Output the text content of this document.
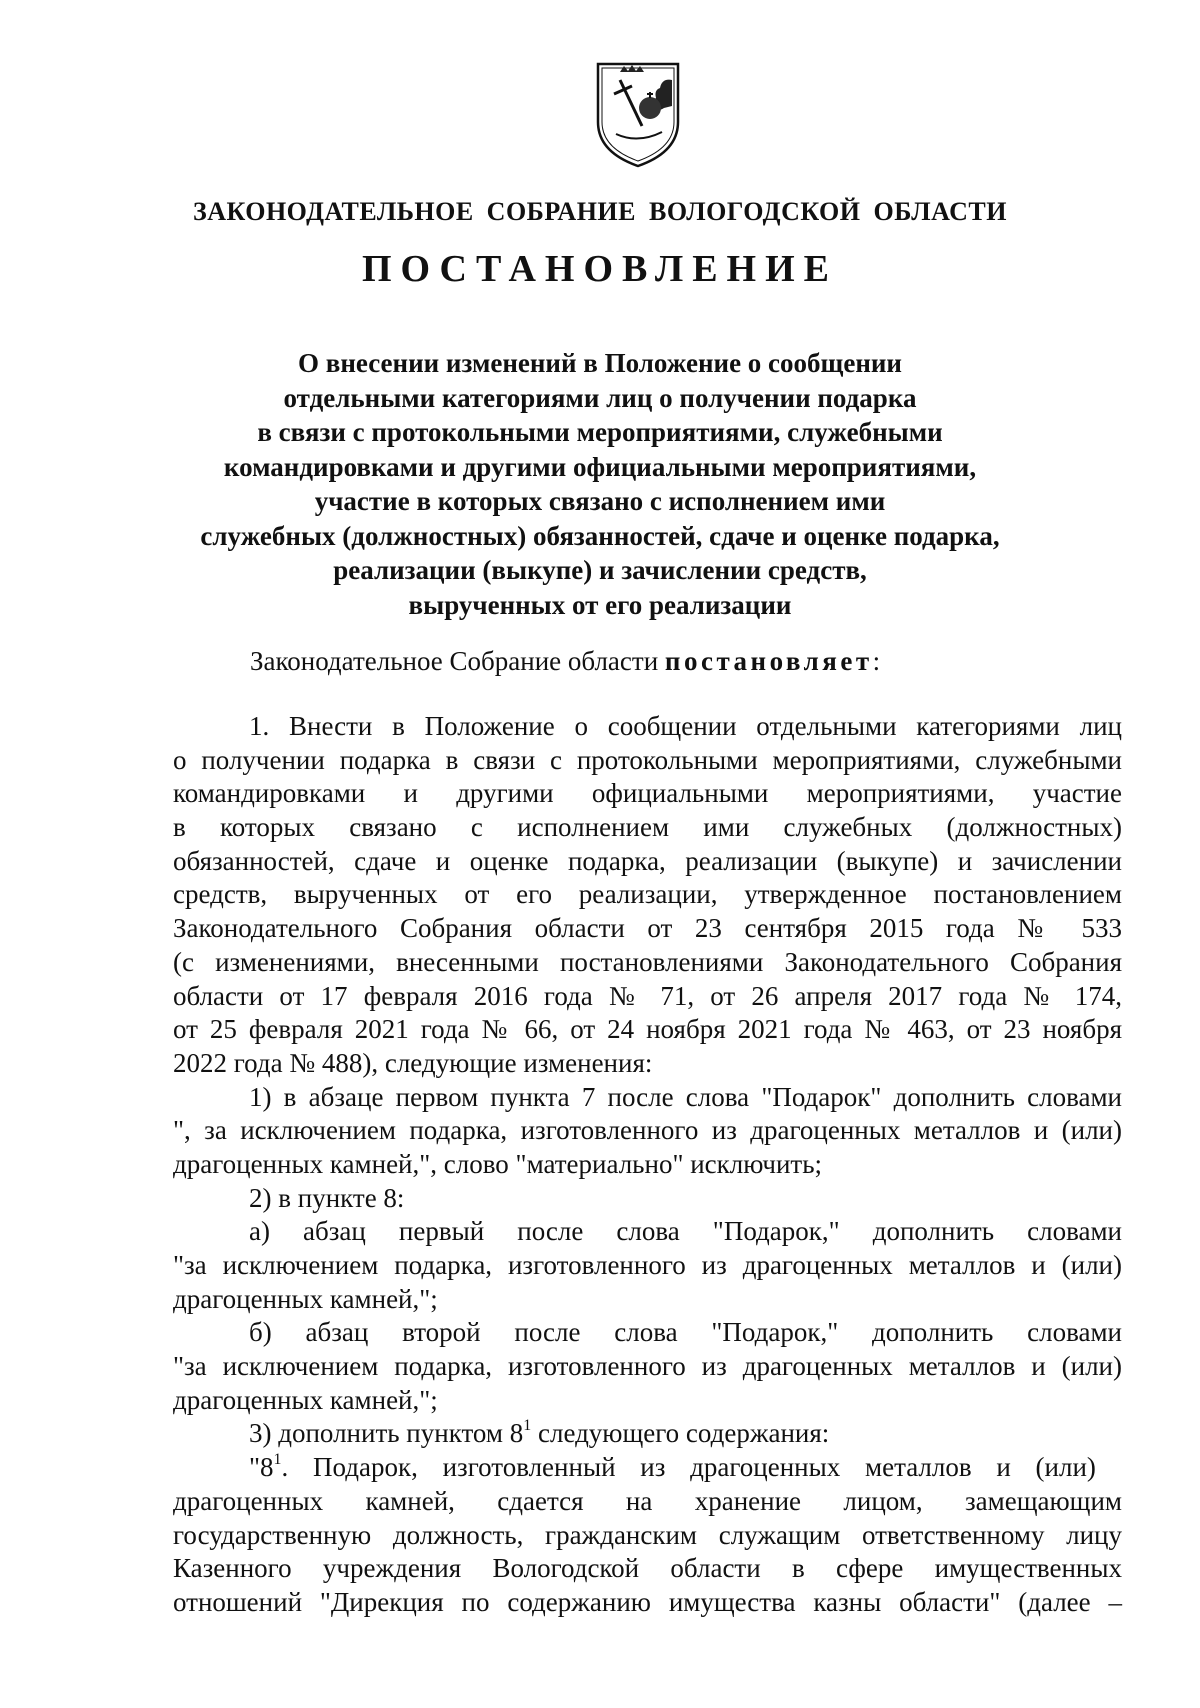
ЗАКОНОДАТЕЛЬНОЕ СОБРАНИЕ ВОЛОГОДСКОЙ ОБЛАСТИ
ПОСТАНОВЛЕНИЕ
О внесении изменений в Положение о сообщении
отдельными категориями лиц о получении подарка
в связи с протокольными мероприятиями, служебными
командировками и другими официальными мероприятиями,
участие в которых связано с исполнением ими
служебных (должностных) обязанностей, сдаче и оценке подарка,
реализации (выкупе) и зачислении средств,
вырученных от его реализации
Законодательное Собрание области постановляет:
1. Внести в Положение о сообщении отдельными категориями лиц
о получении подарка в связи с протокольными мероприятиями, служебными
командировками и другими официальными мероприятиями, участие
в которых связано с исполнением ими служебных (должностных)
обязанностей, сдаче и оценке подарка, реализации (выкупе) и зачислении
средств, вырученных от его реализации, утвержденное постановлением
Законодательного Собрания области от 23 сентября 2015 года № 533
(с изменениями, внесенными постановлениями Законодательного Собрания
области от 17 февраля 2016 года № 71, от 26 апреля 2017 года № 174,
от 25 февраля 2021 года № 66, от 24 ноября 2021 года № 463, от 23 ноября
2022 года № 488), следующие изменения:
1) в абзаце первом пункта 7 после слова "Подарок" дополнить словами
", за исключением подарка, изготовленного из драгоценных металлов и (или)
драгоценных камней,", слово "материально" исключить;
2) в пункте 8:
а) абзац первый после слова "Подарок," дополнить словами
"за исключением подарка, изготовленного из драгоценных металлов и (или)
драгоценных камней,";
б) абзац второй после слова "Подарок," дополнить словами
"за исключением подарка, изготовленного из драгоценных металлов и (или)
драгоценных камней,";
3) дополнить пунктом $8^1$ следующего содержания:
"$8^1$. Подарок, изготовленный из драгоценных металлов и (или)
драгоценных камней, сдается на хранение лицом, замещающим
государственную должность, гражданским служащим ответственному лицу
Казенного учреждения Вологодской области в сфере имущественных
отношений "Дирекция по содержанию имущества казны области" (далее –
